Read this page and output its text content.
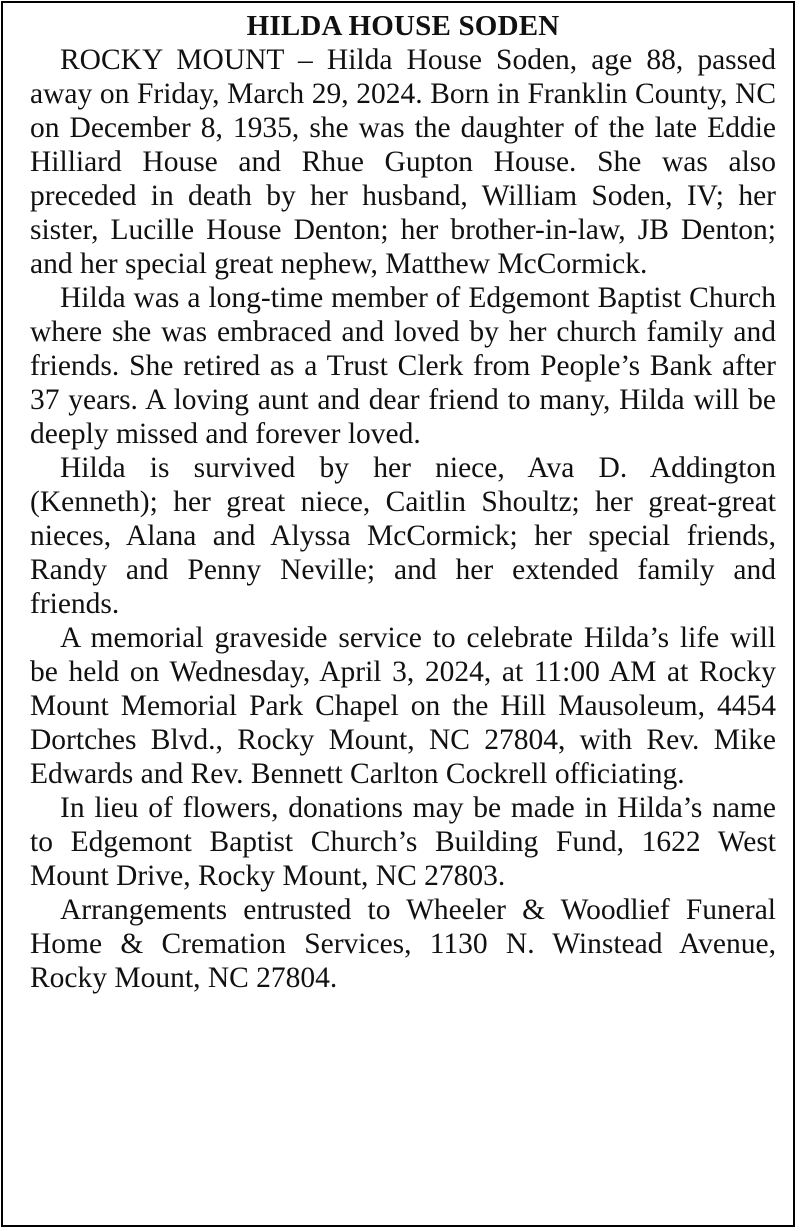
HILDA HOUSE SODEN

ROCKY MOUNT – Hilda House Soden, age 88, passed away on Friday, March 29, 2024. Born in Franklin County, NC on December 8, 1935, she was the daughter of the late Eddie Hilliard House and Rhue Gupton House. She was also preceded in death by her husband, William Soden, IV; her sister, Lucille House Denton; her brother-in-law, JB Denton; and her special great nephew, Matthew McCormick.

Hilda was a long-time member of Edgemont Baptist Church where she was embraced and loved by her church family and friends. She retired as a Trust Clerk from People’s Bank after 37 years. A loving aunt and dear friend to many, Hilda will be deeply missed and forever loved.

Hilda is survived by her niece, Ava D. Addington (Kenneth); her great niece, Caitlin Shoultz; her great-great nieces, Alana and Alyssa McCormick; her special friends, Randy and Penny Neville; and her extended family and friends.

A memorial graveside service to celebrate Hilda’s life will be held on Wednesday, April 3, 2024, at 11:00 AM at Rocky Mount Memorial Park Chapel on the Hill Mausoleum, 4454 Dortches Blvd., Rocky Mount, NC 27804, with Rev. Mike Edwards and Rev. Bennett Carlton Cockrell officiating.

In lieu of flowers, donations may be made in Hilda’s name to Edgemont Baptist Church’s Building Fund, 1622 West Mount Drive, Rocky Mount, NC 27803.

Arrangements entrusted to Wheeler & Woodlief Funeral Home & Cremation Services, 1130 N. Winstead Avenue, Rocky Mount, NC 27804.
